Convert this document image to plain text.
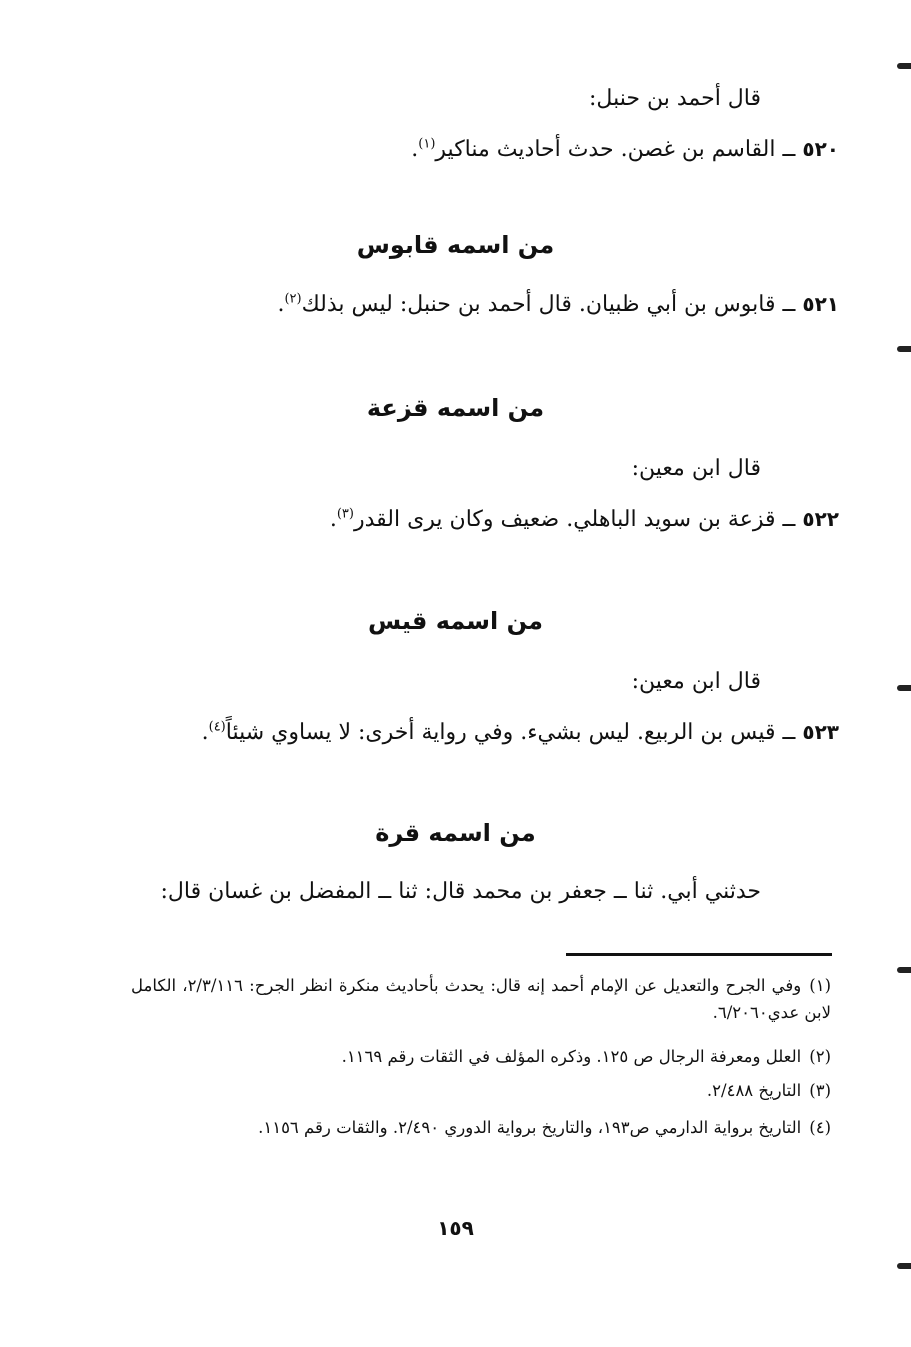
قال أحمد بن حنبل:
٥٢٠ ــ القاسم بن غصن. حدث أحاديث مناكير$^{(١)}$.
من اسمه قابوس
٥٢١ ــ قابوس بن أبي ظبيان. قال أحمد بن حنبل: ليس بذلك$^{(٢)}$.
من اسمه قزعة
قال ابن معين:
٥٢٢ ــ قزعة بن سويد الباهلي. ضعيف وكان يرى القدر$^{(٣)}$.
من اسمه قيس
قال ابن معين:
٥٢٣ ــ قيس بن الربيع. ليس بشيء. وفي رواية أخرى: لا يساوي شيئاً$^{(٤)}$.
من اسمه قرة
حدثني أبي. ثنا ــ جعفر بن محمد قال: ثنا ــ المفضل بن غسان قال:
(١)وفي الجرح والتعديل عن الإمام أحمد إنه قال: يحدث بأحاديث منكرة انظر الجرح: ٢/٣/١١٦، الكامل لابن عدي٦/٢٠٦٠.
(٢)العلل ومعرفة الرجال ص ١٢٥. وذكره المؤلف في الثقات رقم ١١٦٩.
(٣)التاريخ ٢/٤٨٨.
(٤)التاريخ برواية الدارمي ص١٩٣، والتاريخ برواية الدوري ٢/٤٩٠. والثقات رقم ١١٥٦.
١٥٩
